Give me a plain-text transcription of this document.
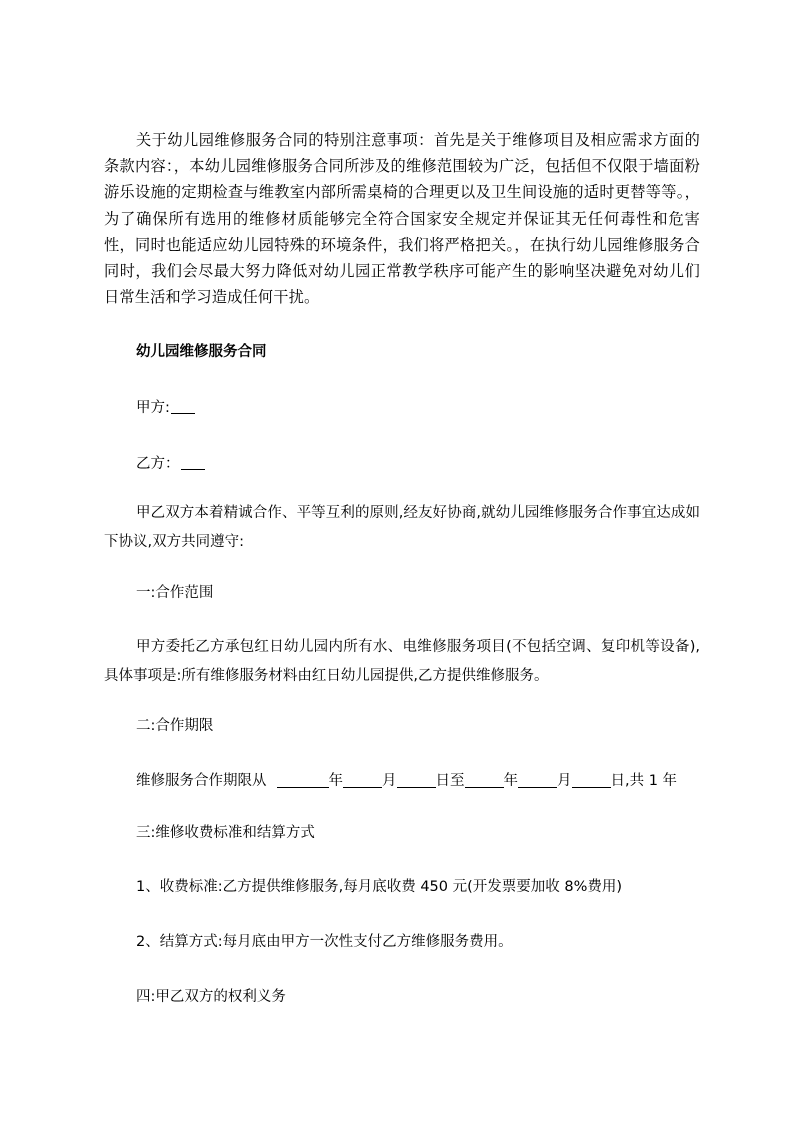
关于幼儿园维修服务合同的特别注意事项：首先是关于维修项目及相应需求方面的条款内容：，本幼儿园维修服务合同所涉及的维修范围较为广泛，包括但不仅限于墙面粉游乐设施的定期检查与维教室内部所需桌椅的合理更以及卫生间设施的适时更替等等。，为了确保所有选用的维修材质能够完全符合国家安全规定并保证其无任何毒性和危害性，同时也能适应幼儿园特殊的环境条件，我们将严格把关。，在执行幼儿园维修服务合同时，我们会尽最大努力降低对幼儿园正常教学秩序可能产生的影响坚决避免对幼儿们日常生活和学习造成任何干扰。

幼儿园维修服务合同

甲方:

乙方：

甲乙双方本着精诚合作、平等互利的原则,经友好协商,就幼儿园维修服务合作事宜达成如下协议,双方共同遵守:

一:合作范围

甲方委托乙方承包红日幼儿园内所有水、电维修服务项目(不包括空调、复印机等设备),具体事项是:所有维修服务材料由红日幼儿园提供,乙方提供维修服务。

二:合作期限

维修服务合作期限从	年	月	日至	年	月	日,共 1 年

三:维修收费标准和结算方式

1、收费标准:乙方提供维修服务,每月底收费 450 元(开发票要加收 8%费用)

2、结算方式:每月底由甲方一次性支付乙方维修服务费用。

四:甲乙双方的权利义务
